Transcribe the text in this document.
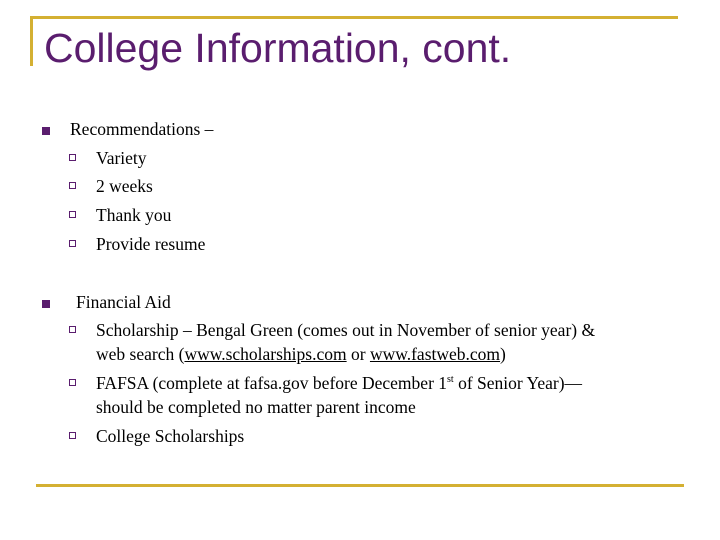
College Information, cont.
Recommendations –
Variety
2 weeks
Thank you
Provide resume
Financial Aid
Scholarship – Bengal Green (comes out in November of senior year) &
web search (www.scholarships.com or www.fastweb.com)
FAFSA (complete at fafsa.gov before December 1st of Senior Year)—
should be completed no matter parent income
College Scholarships
